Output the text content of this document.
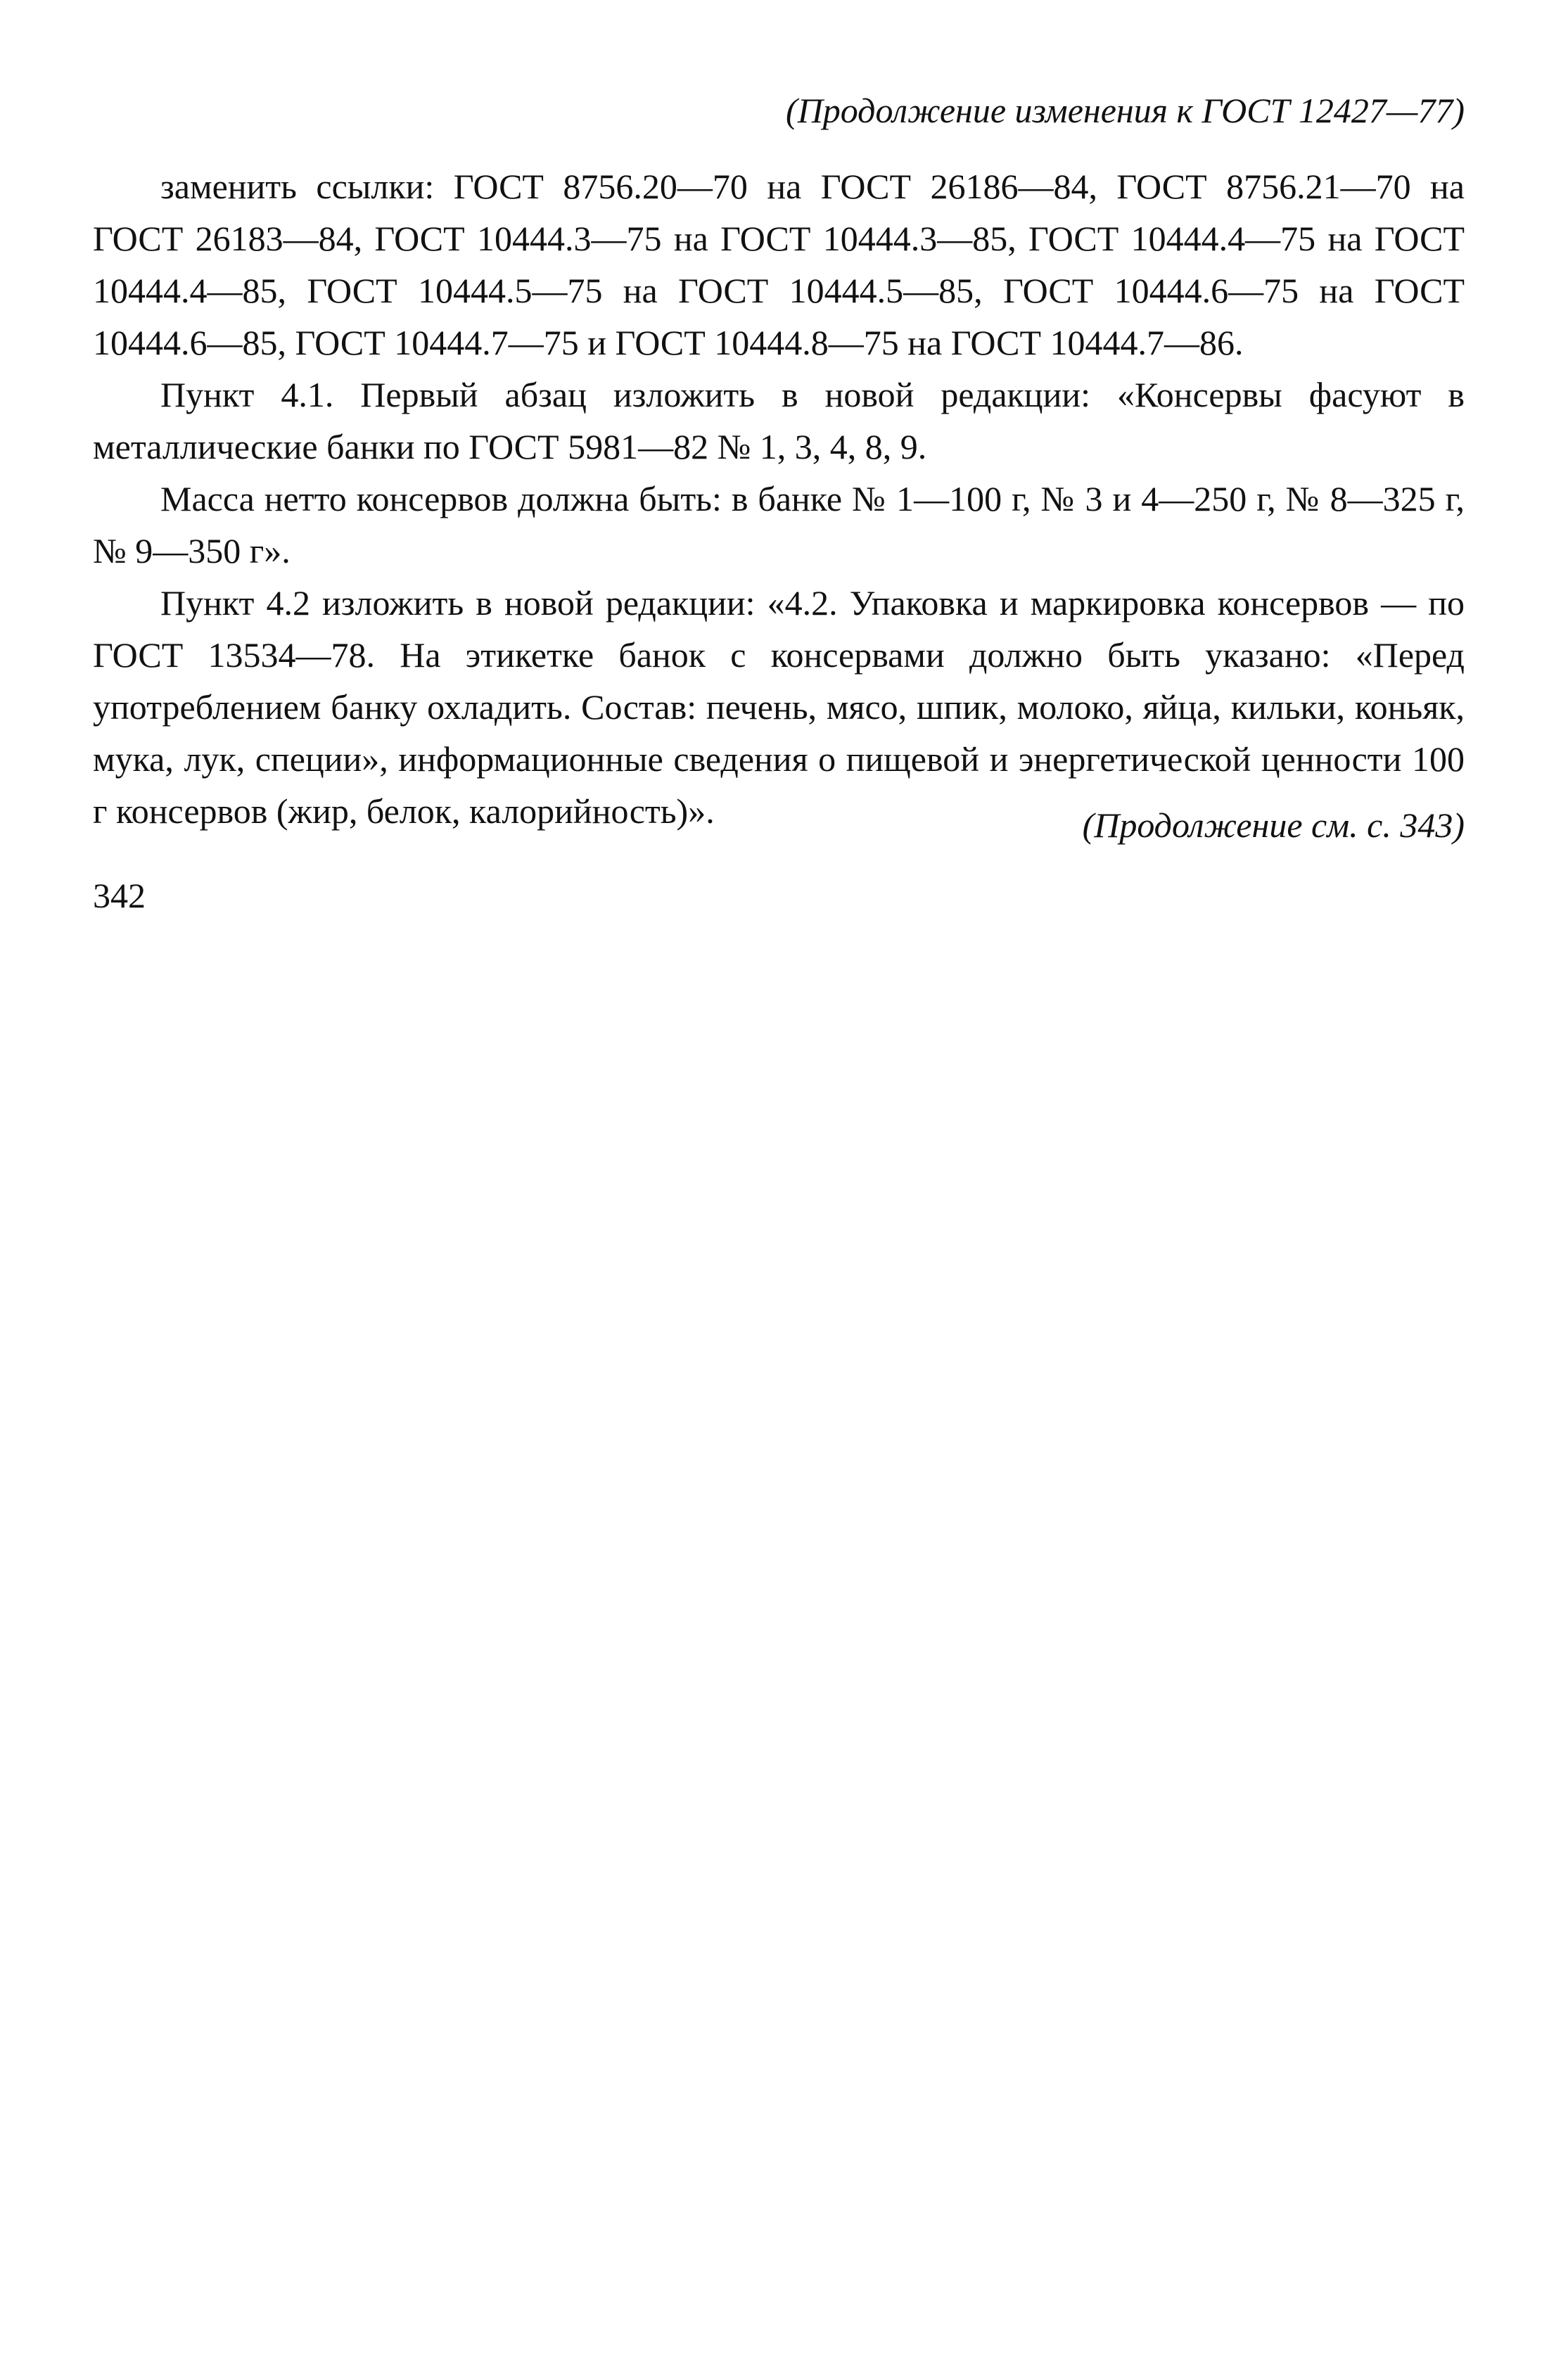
(Продолжение изменения к ГОСТ 12427—77)

заменить ссылки: ГОСТ 8756.20—70 на ГОСТ 26186—84, ГОСТ 8756.21—70 на ГОСТ 26183—84, ГОСТ 10444.3—75 на ГОСТ 10444.3—85, ГОСТ 10444.4—75 на ГОСТ 10444.4—85, ГОСТ 10444.5—75 на ГОСТ 10444.5—85, ГОСТ 10444.6—75 на ГОСТ 10444.6—85, ГОСТ 10444.7—75 и ГОСТ 10444.8—75 на ГОСТ 10444.7—86.

Пункт 4.1. Первый абзац изложить в новой редакции: «Консервы фасуют в металлические банки по ГОСТ 5981—82 № 1, 3, 4, 8, 9.

Масса нетто консервов должна быть: в банке № 1—100 г, № 3 и 4—250 г, № 8—325 г, № 9—350 г».

Пункт 4.2 изложить в новой редакции: «4.2. Упаковка и маркировка консервов — по ГОСТ 13534—78. На этикетке банок с консервами должно быть указано: «Перед употреблением банку охладить. Состав: печень, мясо, шпик, молоко, яйца, кильки, коньяк, мука, лук, специи», информационные сведения о пищевой и энергетической ценности 100 г консервов (жир, белок, калорийность)».	(Продолжение см. с. 343)
342
